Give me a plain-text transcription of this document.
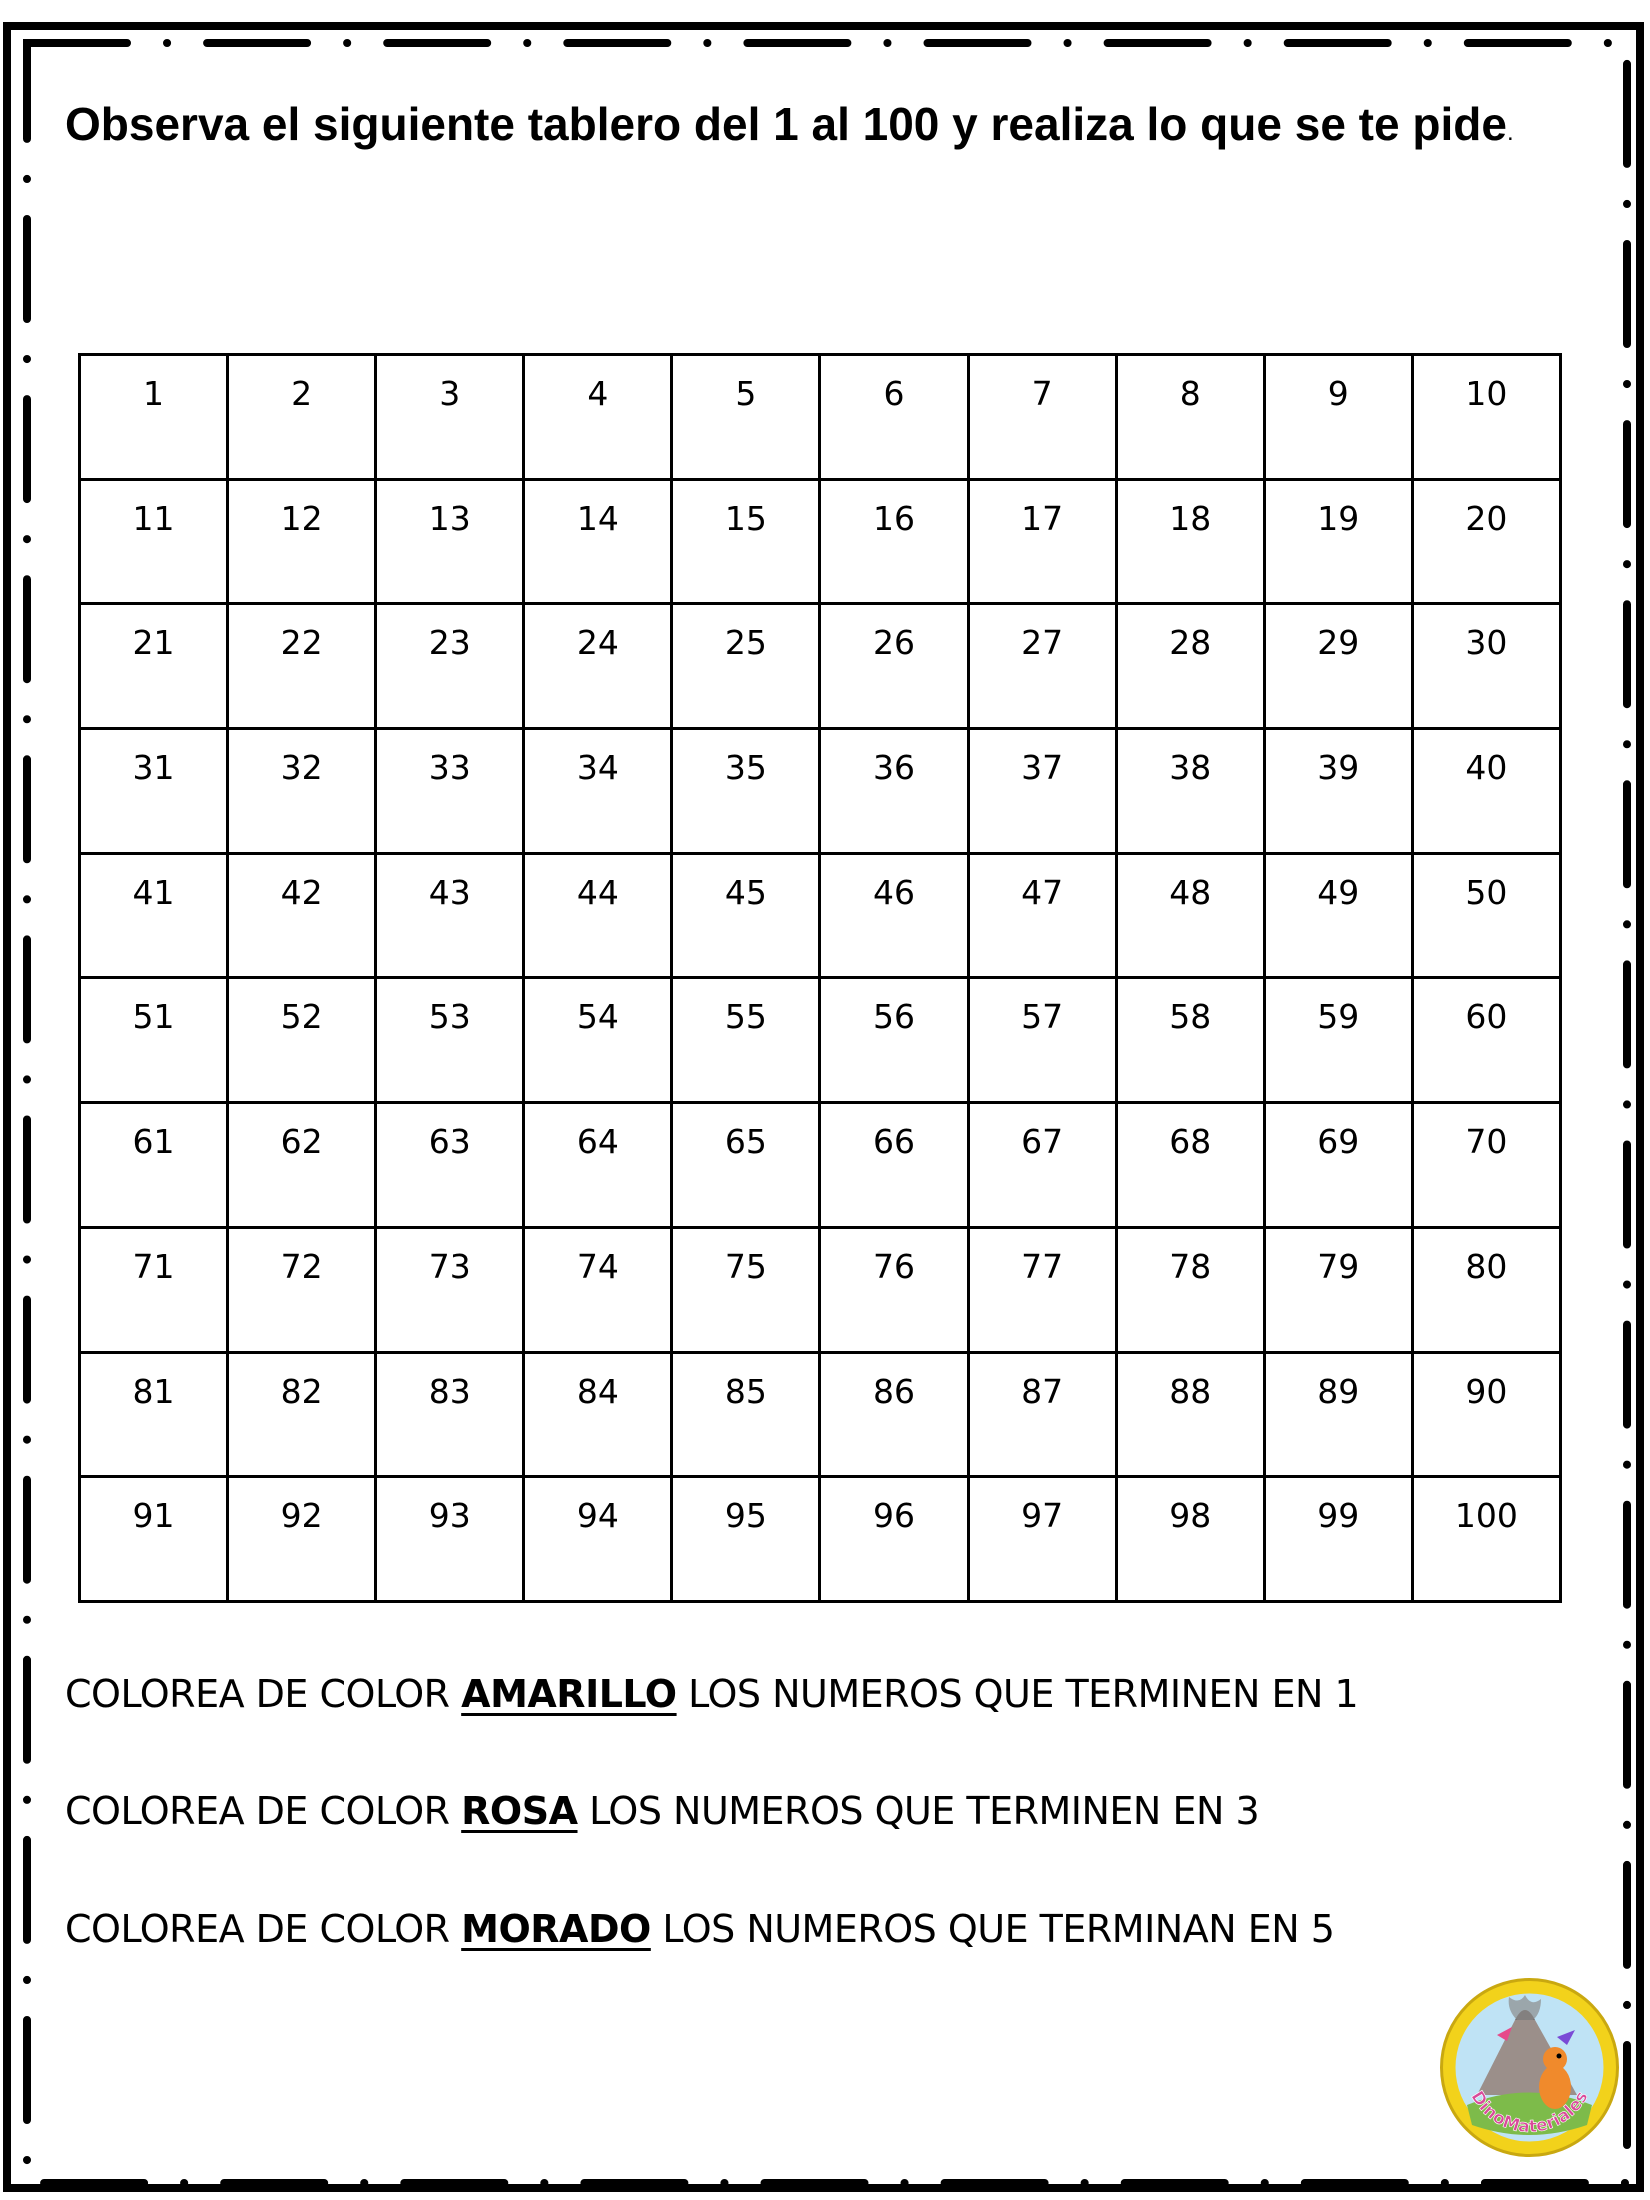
Observa el siguiente tablero del 1 al 100 y realiza lo que se te pide.

1	2	3	4	5	6	7	8	9	10
11	12	13	14	15	16	17	18	19	20
21	22	23	24	25	26	27	28	29	30
31	32	33	34	35	36	37	38	39	40
41	42	43	44	45	46	47	48	49	50
51	52	53	54	55	56	57	58	59	60
61	62	63	64	65	66	67	68	69	70
71	72	73	74	75	76	77	78	79	80
81	82	83	84	85	86	87	88	89	90
91	92	93	94	95	96	97	98	99	100

COLOREA DE COLOR AMARILLO LOS NUMEROS QUE TERMINEN EN 1

COLOREA DE COLOR ROSA LOS NUMEROS QUE TERMINEN EN 3

COLOREA DE COLOR MORADO LOS NUMEROS QUE TERMINAN EN 5

DinoMateriales
